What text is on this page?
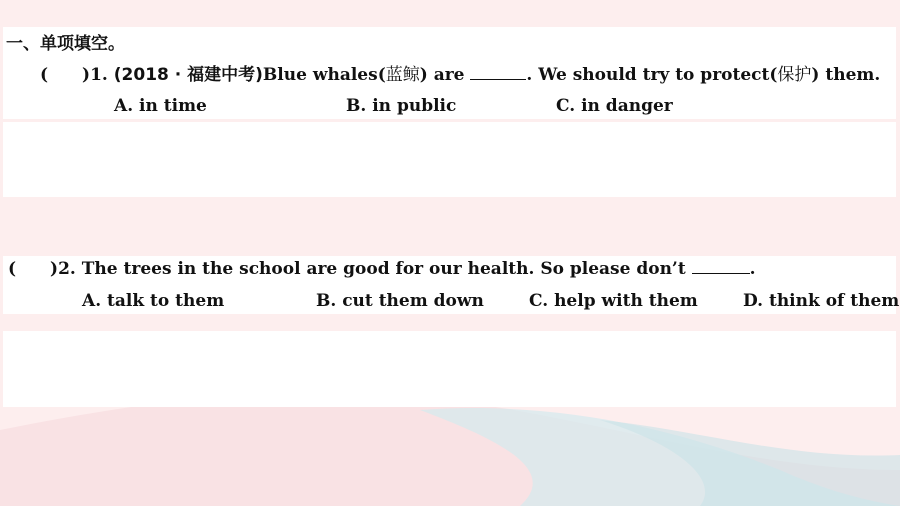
一、单项填空。
(　　)1. (2018 · 福建中考)Blue whales(蓝鲸) are	. We should try to protect(保护) them.
A. in time	B. in public	C. in danger
(　　)2. The trees in the school are good for our health. So please don’t	.
A. talk to them	B. cut them down	C. help with them	D. think of them
